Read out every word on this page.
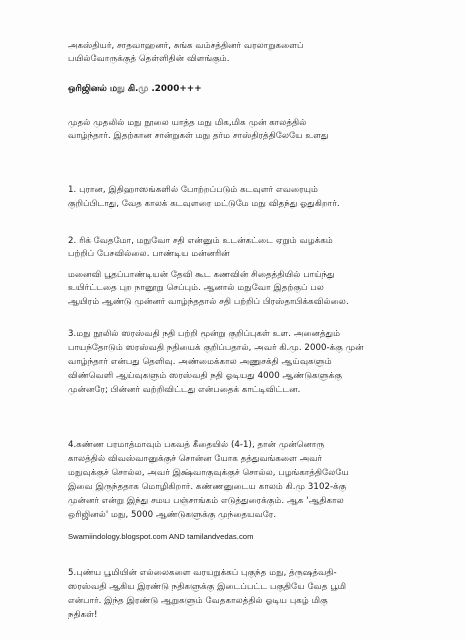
அகஸ்தியர், சாதவாஹனர், சுங்க வம்சத்தினர் வரலாறுகளைப்
பயில்வோருக்குத் தெள்ளிதின் விளங்கும்.
ஒரிஜினல் மநு கி.மு .2000+++
முதல் முதலில் மநு நூலை யாத்த மநு மிக,மிக முன் காலத்தில்
வாழ்ந்தார். இதற்கான சான்றுகள் மநு தர்ம சாஸ்திரத்திலேயே உளது
1. புரான, இதிஹாஸங்களில் போற்றப்படும் கடவுளர் எவரையும்
குறிப்பிடாது, வேத காலக் கடவுளரை மட்டுமே மநு விதந்து ஓதுகிறார்.
2. ரிக் வேதமோ, மநுவோ சதி என்னும் உடன்கட்டை ஏறும் வழக்கம்
பற்றிப் பேசவில்லை. பாண்டிய மன்னரின்
மனைவி பூதப்பாண்டியன் தேவி கூட கணவின் சிதைத்தியில் பாய்ந்து
உயிர்ட்டதை புற நானூறு செப்பும். ஆனால் மநுவோ இதற்குப் பல
ஆயிரம் ஆண்டு முன்னர் வாழ்ந்ததால் சதி பற்றிப் பிரஸ்தாபிக்கவில்லை.
3.மநு நூலில் ஸரஸ்வதி நதி பற்றி மூன்று குறிப்புகள் உள. அனைத்தும்
பாயந்தோடும் ஸரஸ்வதி நதியைக் குறிப்பதால், அவர் கி.மு. 2000-க்கு முன்
வாழ்ந்தார் என்பது தெளிவு. அண்மைக்கால அணுசக்தி ஆய்வுகளும்
விண்வெளி ஆய்வுகளும் ஸரஸ்வதி நதி ஓடியது 4000 ஆண்டுகளுக்கு
முன்னரே; பின்னர் வற்றிவிட்டது என்பதைக் காட்டிவிட்டன.
4.கண்ண பரமாத்மாவும் பகவத் கீதையில் (4-1), தான் முன்னொரு
காலத்தில் விவஸ்வானுக்குச் சொன்ன யோக தத்துவங்களை அவர்
மநுவுக்குச் சொல்ல, அவர் இக்ஷ்வாகுவுக்குச் சொல்ல, பழங்காத்திலேயே
இவை இருந்ததாக மொழிகிறார். கண்ணனுடைய காலம் கி.மு 3102-க்கு
முன்னர் என்று இந்து சமய பஞ்சாங்கம் எடுத்துரைக்கும். ஆக 'ஆதிகால
ஒரிஜினல்' மநு, 5000 ஆண்டுகளுக்கு முந்தையவரே.
Swamiindology.blogspot.com AND tamilandvedas.com
5.புண்ய பூமியின் எல்லைகளை வரயறுக்கப் புகுந்த மநு, த்ருஷத்வதி-
ஸரஸ்வதி ஆகிய இரண்டு நதிகளுக்கு இடைப்பட்ட பகுதியே வேத பூமி
என்பார். இந்த இரண்டு ஆறுகளும் வேதகாலத்தில் ஓடிய புகழ் மிகு
நதிகள்!
